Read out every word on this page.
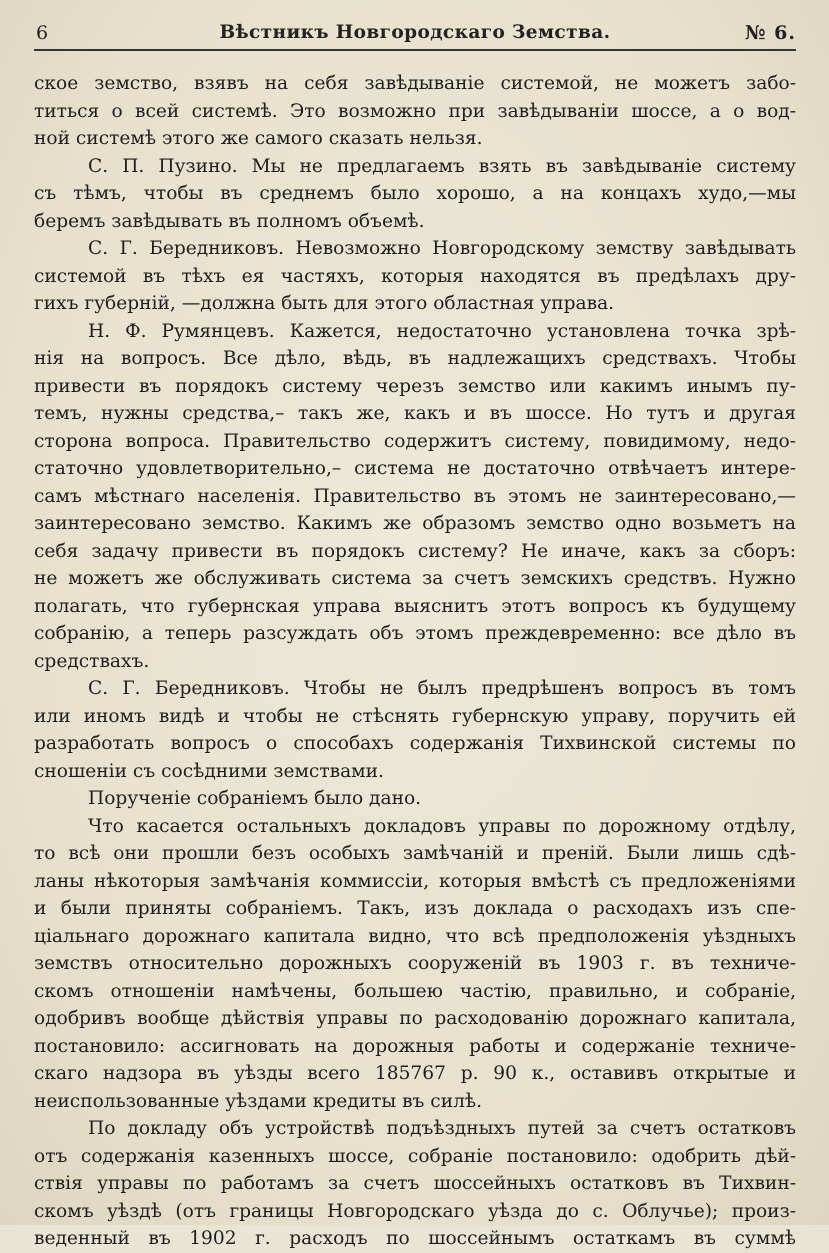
6	Вѣстникъ Новгородскаго Земства.	№ 6.
ское земство, взявъ на себя завѣдываніе системой, не можетъ забо-
титься о всей системѣ. Это возможно при завѣдываніи шоссе, а о вод-
ной системѣ этого же самого сказать нельзя.
С. П. Пузино. Мы не предлагаемъ взять въ завѣдываніе систему
съ тѣмъ, чтобы въ среднемъ было хорошо, а на концахъ худо,—мы
беремъ завѣдывать въ полномъ объемѣ.
С. Г. Бередниковъ. Невозможно Новгородскому земству завѣдывать
системой въ тѣхъ ея частяхъ, которыя находятся въ предѣлахъ дру-
гихъ губерній, —должна быть для этого областная управа.
Н. Ф. Румянцевъ. Кажется, недостаточно установлена точка зрѣ-
нія на вопросъ. Все дѣло, вѣдь, въ надлежащихъ средствахъ. Чтобы
привести въ порядокъ систему черезъ земство или какимъ инымъ пу-
темъ, нужны средства,– такъ же, какъ и въ шоссе. Но тутъ и другая
сторона вопроса. Правительство содержитъ систему, повидимому, недо-
статочно удовлетворительно,– система не достаточно отвѣчаетъ интере-
самъ мѣстнаго населенія. Правительство въ этомъ не заинтересовано,—
заинтересовано земство. Какимъ же образомъ земство одно возьметъ на
себя задачу привести въ порядокъ систему? Не иначе, какъ за сборъ:
не можетъ же обслуживать система за счетъ земскихъ средствъ. Нужно
полагать, что губернская управа выяснитъ этотъ вопросъ къ будущему
собранію, а теперь разсуждать объ этомъ преждевременно: все дѣло въ
средствахъ.
С. Г. Бередниковъ. Чтобы не былъ предрѣшенъ вопросъ въ томъ
или иномъ видѣ и чтобы не стѣснять губернскую управу, поручить ей
разработать вопросъ о способахъ содержанія Тихвинской системы по
сношеніи съ сосѣдними земствами.
Порученіе собраніемъ было дано.
Что касается остальныхъ докладовъ управы по дорожному отдѣлу,
то всѣ они прошли безъ особыхъ замѣчаній и преній. Были лишь сдѣ-
ланы нѣкоторыя замѣчанія коммиссіи, которыя вмѣстѣ съ предложеніями
и были приняты собраніемъ. Такъ, изъ доклада о расходахъ изъ спе-
ціальнаго дорожнаго капитала видно, что всѣ предположенія уѣздныхъ
земствъ относительно дорожныхъ сооруженій въ 1903 г. въ техниче-
скомъ отношеніи намѣчены, большею частію, правильно, и собраніе,
одобривъ вообще дѣйствія управы по расходованію дорожнаго капитала,
постановило: ассигновать на дорожныя работы и содержаніе техниче-
скаго надзора въ уѣзды всего 185767 р. 90 к., оставивъ открытые и
неиспользованные уѣздами кредиты въ силѣ.
По докладу объ устройствѣ подъѣздныхъ путей за счетъ остатковъ
отъ содержанія казенныхъ шоссе, собраніе постановило: одобрить дѣй-
ствія управы по работамъ за счетъ шоссейныхъ остатковъ въ Тихвин-
скомъ уѣздѣ (отъ границы Новгородскаго уѣзда до с. Облучье); произ-
веденный въ 1902 г. расходъ по шоссейнымъ остаткамъ въ суммѣ
